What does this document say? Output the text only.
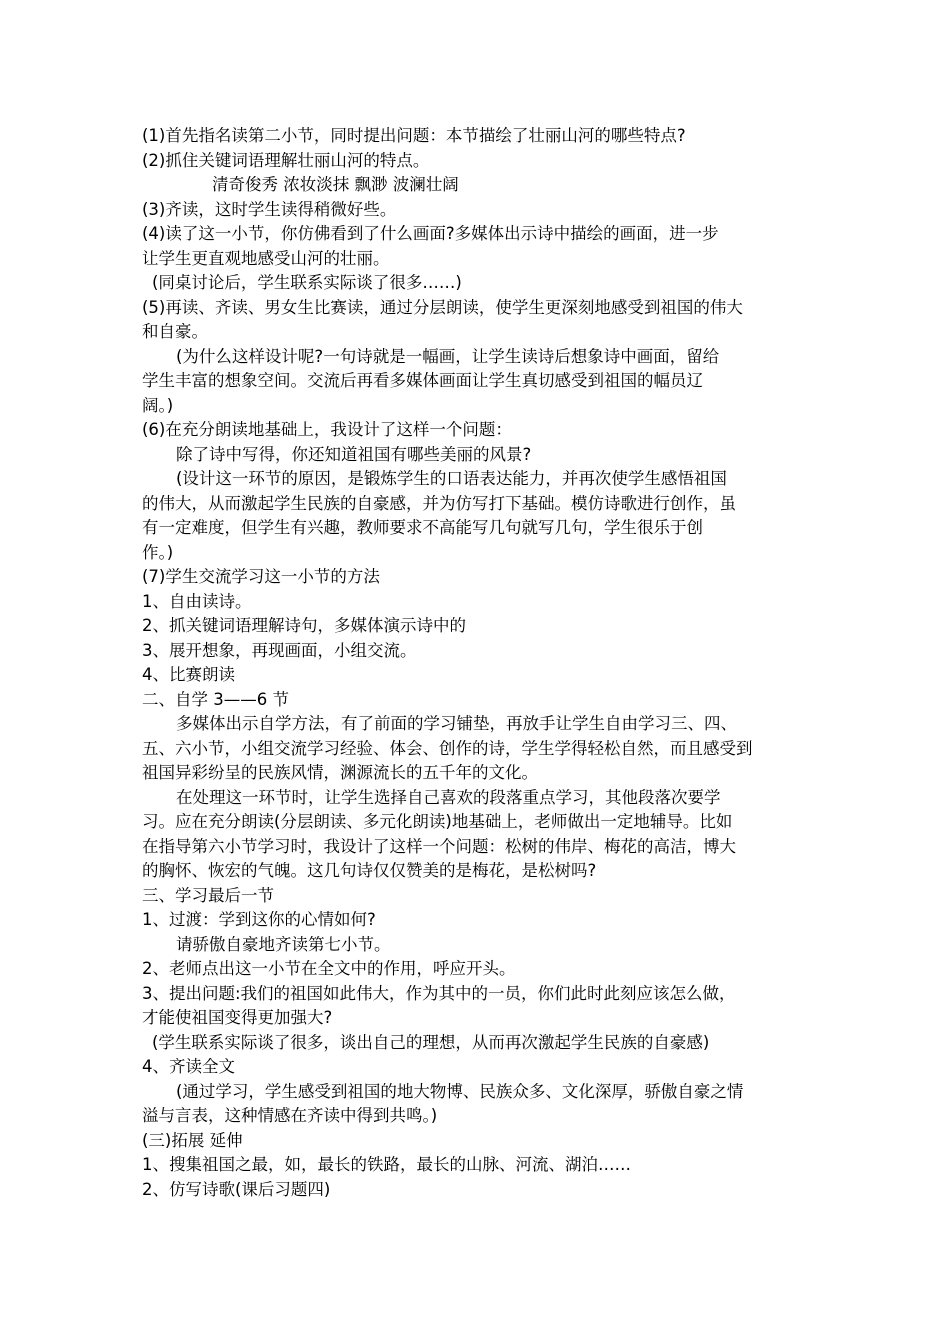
(1)首先指名读第二小节，同时提出问题：本节描绘了壮丽山河的哪些特点?
(2)抓住关键词语理解壮丽山河的特点。
清奇俊秀 浓妆淡抹 飘渺 波澜壮阔
(3)齐读，这时学生读得稍微好些。
(4)读了这一小节，你仿佛看到了什么画面?多媒体出示诗中描绘的画面，进一步
让学生更直观地感受山河的壮丽。
(同桌讨论后，学生联系实际谈了很多……)
(5)再读、齐读、男女生比赛读，通过分层朗读，使学生更深刻地感受到祖国的伟大
和自豪。
(为什么这样设计呢?一句诗就是一幅画，让学生读诗后想象诗中画面，留给
学生丰富的想象空间。交流后再看多媒体画面让学生真切感受到祖国的幅员辽
阔。)
(6)在充分朗读地基础上，我设计了这样一个问题：
除了诗中写得，你还知道祖国有哪些美丽的风景?
(设计这一环节的原因，是锻炼学生的口语表达能力，并再次使学生感悟祖国
的伟大，从而激起学生民族的自豪感，并为仿写打下基础。模仿诗歌进行创作，虽
有一定难度，但学生有兴趣，教师要求不高能写几句就写几句，学生很乐于创
作。)
(7)学生交流学习这一小节的方法
1、自由读诗。
2、抓关键词语理解诗句，多媒体演示诗中的
3、展开想象，再现画面，小组交流。
4、比赛朗读
二、自学 3——6 节
多媒体出示自学方法，有了前面的学习铺垫，再放手让学生自由学习三、四、
五、六小节，小组交流学习经验、体会、创作的诗，学生学得轻松自然，而且感受到
祖国异彩纷呈的民族风情，渊源流长的五千年的文化。
在处理这一环节时，让学生选择自己喜欢的段落重点学习，其他段落次要学
习。应在充分朗读(分层朗读、多元化朗读)地基础上，老师做出一定地辅导。比如
在指导第六小节学习时，我设计了这样一个问题：松树的伟岸、梅花的高洁，博大
的胸怀、恢宏的气魄。这几句诗仅仅赞美的是梅花，是松树吗?
三、学习最后一节
1、过渡：学到这你的心情如何?
请骄傲自豪地齐读第七小节。
2、老师点出这一小节在全文中的作用，呼应开头。
3、提出问题:我们的祖国如此伟大，作为其中的一员，你们此时此刻应该怎么做，
才能使祖国变得更加强大?
(学生联系实际谈了很多，谈出自己的理想，从而再次激起学生民族的自豪感)
4、齐读全文
(通过学习，学生感受到祖国的地大物博、民族众多、文化深厚，骄傲自豪之情
溢与言表，这种情感在齐读中得到共鸣。)
(三)拓展 延伸
1、搜集祖国之最，如，最长的铁路，最长的山脉、河流、湖泊……
2、仿写诗歌(课后习题四)
